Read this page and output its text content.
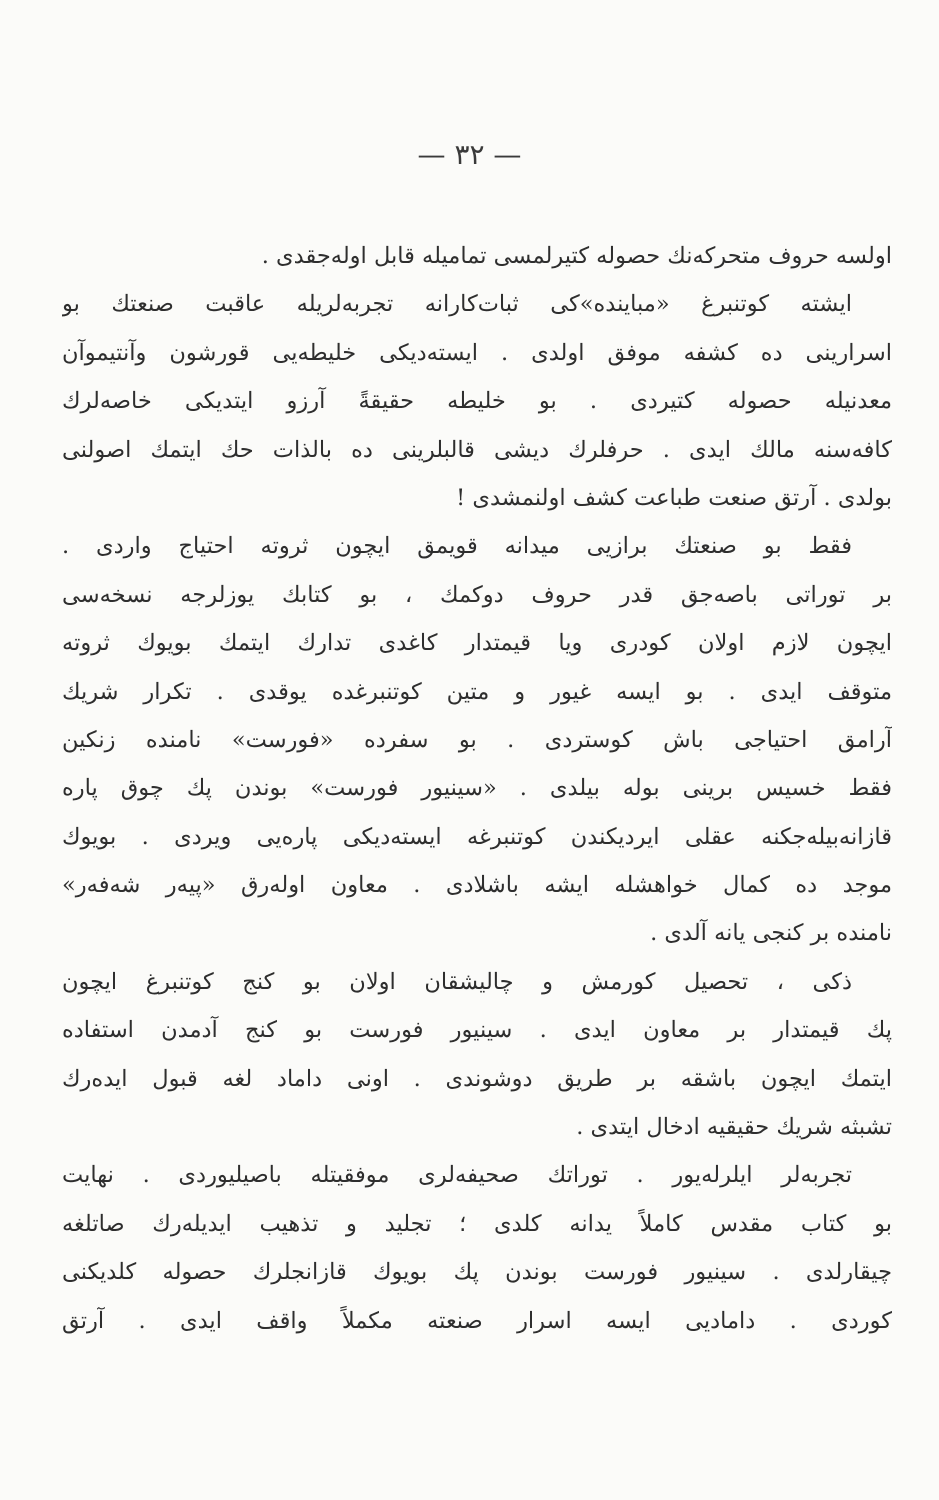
— ٣٢ —
اولسه حروف متحركه‌نك حصوله كتيرلمسی تماميله قابل اوله‌جقدی .
ايشته كوتنبرغ «مباينده»كی ثبات‌كارانه تجربه‌لريله عاقبت صنعتك بو
اسرارينی ده كشفه موفق اولدی . ايسته‌ديكی خليطه‌يی قورشون وآنتيموآن
معدنيله حصوله كتيردی . بو خليطه حقيقةً آرزو ايتديكی خاصه‌لرك
كافه‌سنه مالك ايدی . حرفلرك ديشی قالبلرينی ده بالذات حك ايتمك اصولنی
بولدی . آرتق صنعت طباعت كشف اولنمشدی !
فقط بو صنعتك برازيی ميدانه قويمق ايچون ثروته احتياج واردی .
بر توراتی باصه‌جق قدر حروف دوكمك ، بو كتابك يوزلرجه نسخه‌سی
ايچون لازم اولان كودری ويا قيمتدار كاغدی تدارك ايتمك بويوك ثروته
متوقف ايدی . بو ايسه غيور و متين كوتنبرغده يوقدی . تكرار شريك
آرامق احتياجی باش كوستردی . بو سفرده «فورست» نامنده زنكين
فقط خسيس برينی بوله بيلدی . «سينيور فورست» بوندن پك چوق پاره
قازانه‌بيله‌جكنه عقلی ايرديكندن كوتنبرغه ايسته‌ديكی پاره‌يی ويردی . بويوك
موجد ده كمال خواهشله ايشه باشلادی . معاون اوله‌رق «پيه‌ر شه‌فه‌ر»
نامنده بر كنجی يانه آلدی .
ذكی ، تحصيل كورمش و چاليشقان اولان بو كنج كوتنبرغ ايچون
پك قيمتدار بر معاون ايدی . سينيور فورست بو كنج آدمدن استفاده
ايتمك ايچون باشقه بر طريق دوشوندی . اونی داماد لغه قبول ايده‌رك
تشبثه شريك حقيقيه ادخال ايتدی .
تجربه‌لر ايلرله‌يور . توراتك صحيفه‌لری موفقيتله باصيليوردی . نهايت
بو كتاب مقدس كاملاً يدانه كلدی ؛ تجليد و تذهيب ايديله‌رك صاتلغه
چيقارلدی . سينيور فورست بوندن پك بويوك قازانجلرك حصوله كلديكنی
كوردی . داماديی ايسه اسرار صنعته مكملاً واقف ايدی . آرتق
